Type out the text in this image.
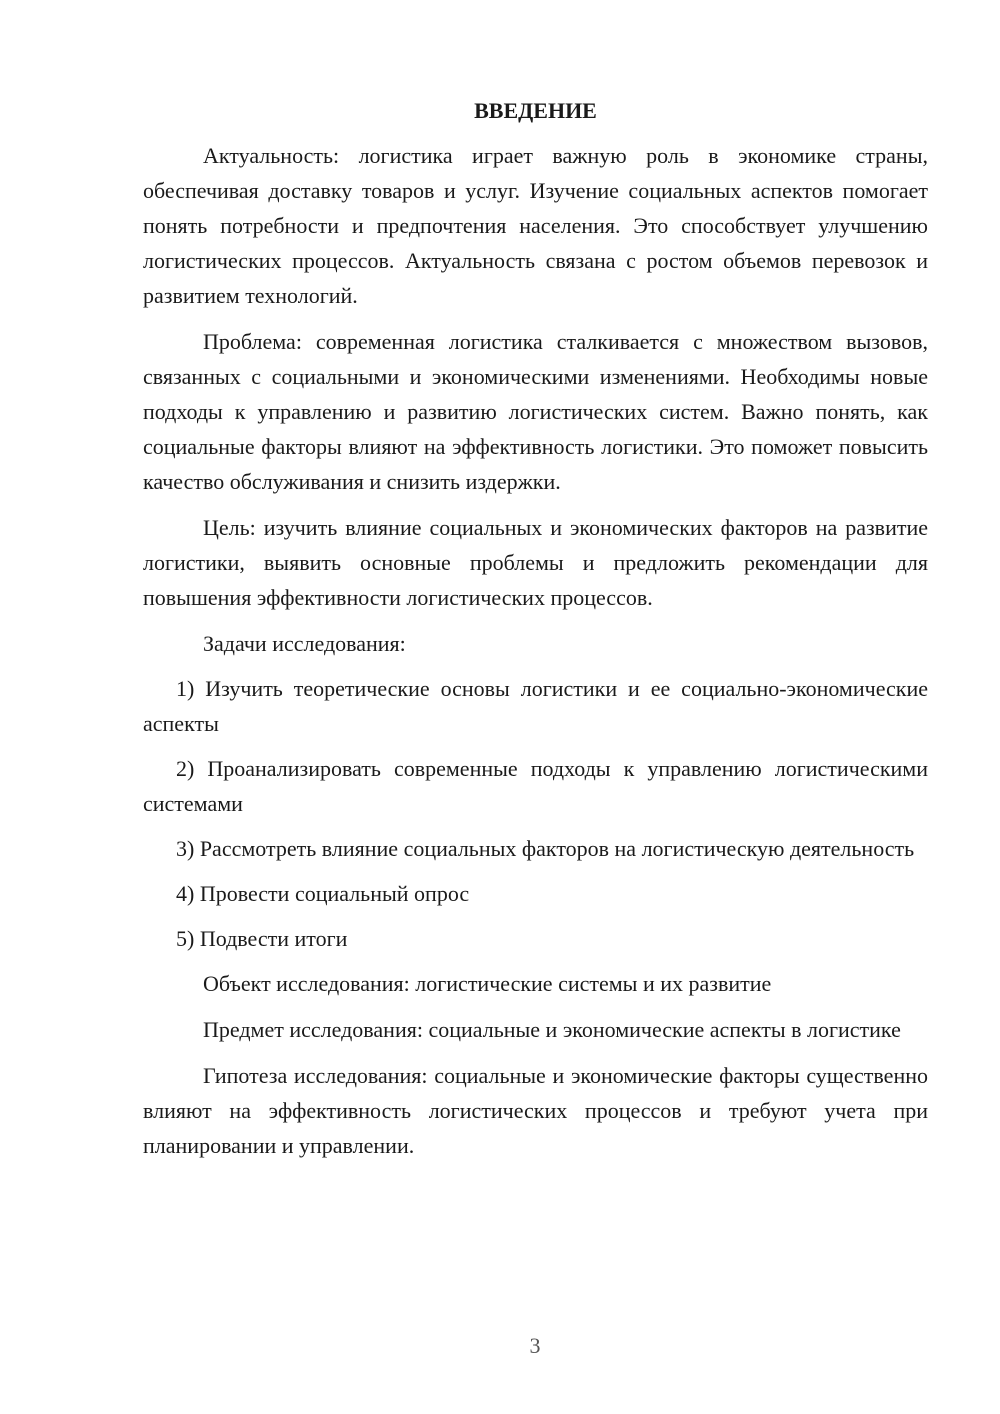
ВВЕДЕНИЕ

Актуальность: логистика играет важную роль в экономике страны, обеспечивая доставку товаров и услуг. Изучение социальных аспектов помогает понять потребности и предпочтения населения. Это способствует улучшению логистических процессов. Актуальность связана с ростом объемов перевозок и развитием технологий.

Проблема: современная логистика сталкивается с множеством вызовов, связанных с социальными и экономическими изменениями. Необходимы новые подходы к управлению и развитию логистических систем. Важно понять, как социальные факторы влияют на эффективность логистики. Это поможет повысить качество обслуживания и снизить издержки.

Цель: изучить влияние социальных и экономических факторов на развитие логистики, выявить основные проблемы и предложить рекомендации для повышения эффективности логистических процессов.

Задачи исследования:

1) Изучить теоретические основы логистики и ее социально-экономические аспекты

2) Проанализировать современные подходы к управлению логистическими системами

3) Рассмотреть влияние социальных факторов на логистическую деятельность

4) Провести социальный опрос

5) Подвести итоги

Объект исследования: логистические системы и их развитие

Предмет исследования: социальные и экономические аспекты в логистике

Гипотеза исследования: социальные и экономические факторы существенно влияют на эффективность логистических процессов и требуют учета при планировании и управлении.

3
